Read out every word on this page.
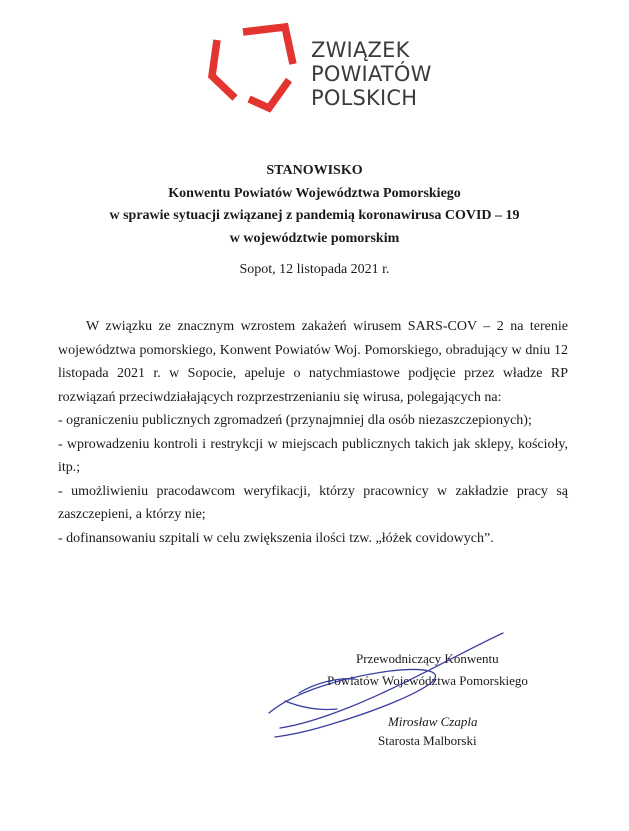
ZWIĄZEK
POWIATÓW
POLSKICH
STANOWISKO
Konwentu Powiatów Województwa Pomorskiego
w sprawie sytuacji związanej z pandemią koronawirusa COVID – 19
w województwie pomorskim
Sopot, 12 listopada 2021 r.

W związku ze znacznym wzrostem zakażeń wirusem SARS-COV – 2 na terenie województwa pomorskiego, Konwent Powiatów Woj. Pomorskiego, obradujący w dniu 12 listopada 2021 r. w Sopocie, apeluje o natychmiastowe podjęcie przez władze RP rozwiązań przeciwdziałających rozprzestrzenianiu się wirusa, polegających na:

- ograniczeniu publicznych zgromadzeń (przynajmniej dla osób niezaszczepionych);

- wprowadzeniu kontroli i restrykcji w miejscach publicznych takich jak sklepy, kościoły, itp.;

- umożliwieniu pracodawcom weryfikacji, którzy pracownicy w zakładzie pracy są zaszczepieni, a którzy nie;

- dofinansowaniu szpitali w celu zwiększenia ilości tzw. „łóżek covidowych”.

Przewodniczący Konwentu
Powiatów Województwa Pomorskiego
Mirosław Czapla
Starosta Malborski
